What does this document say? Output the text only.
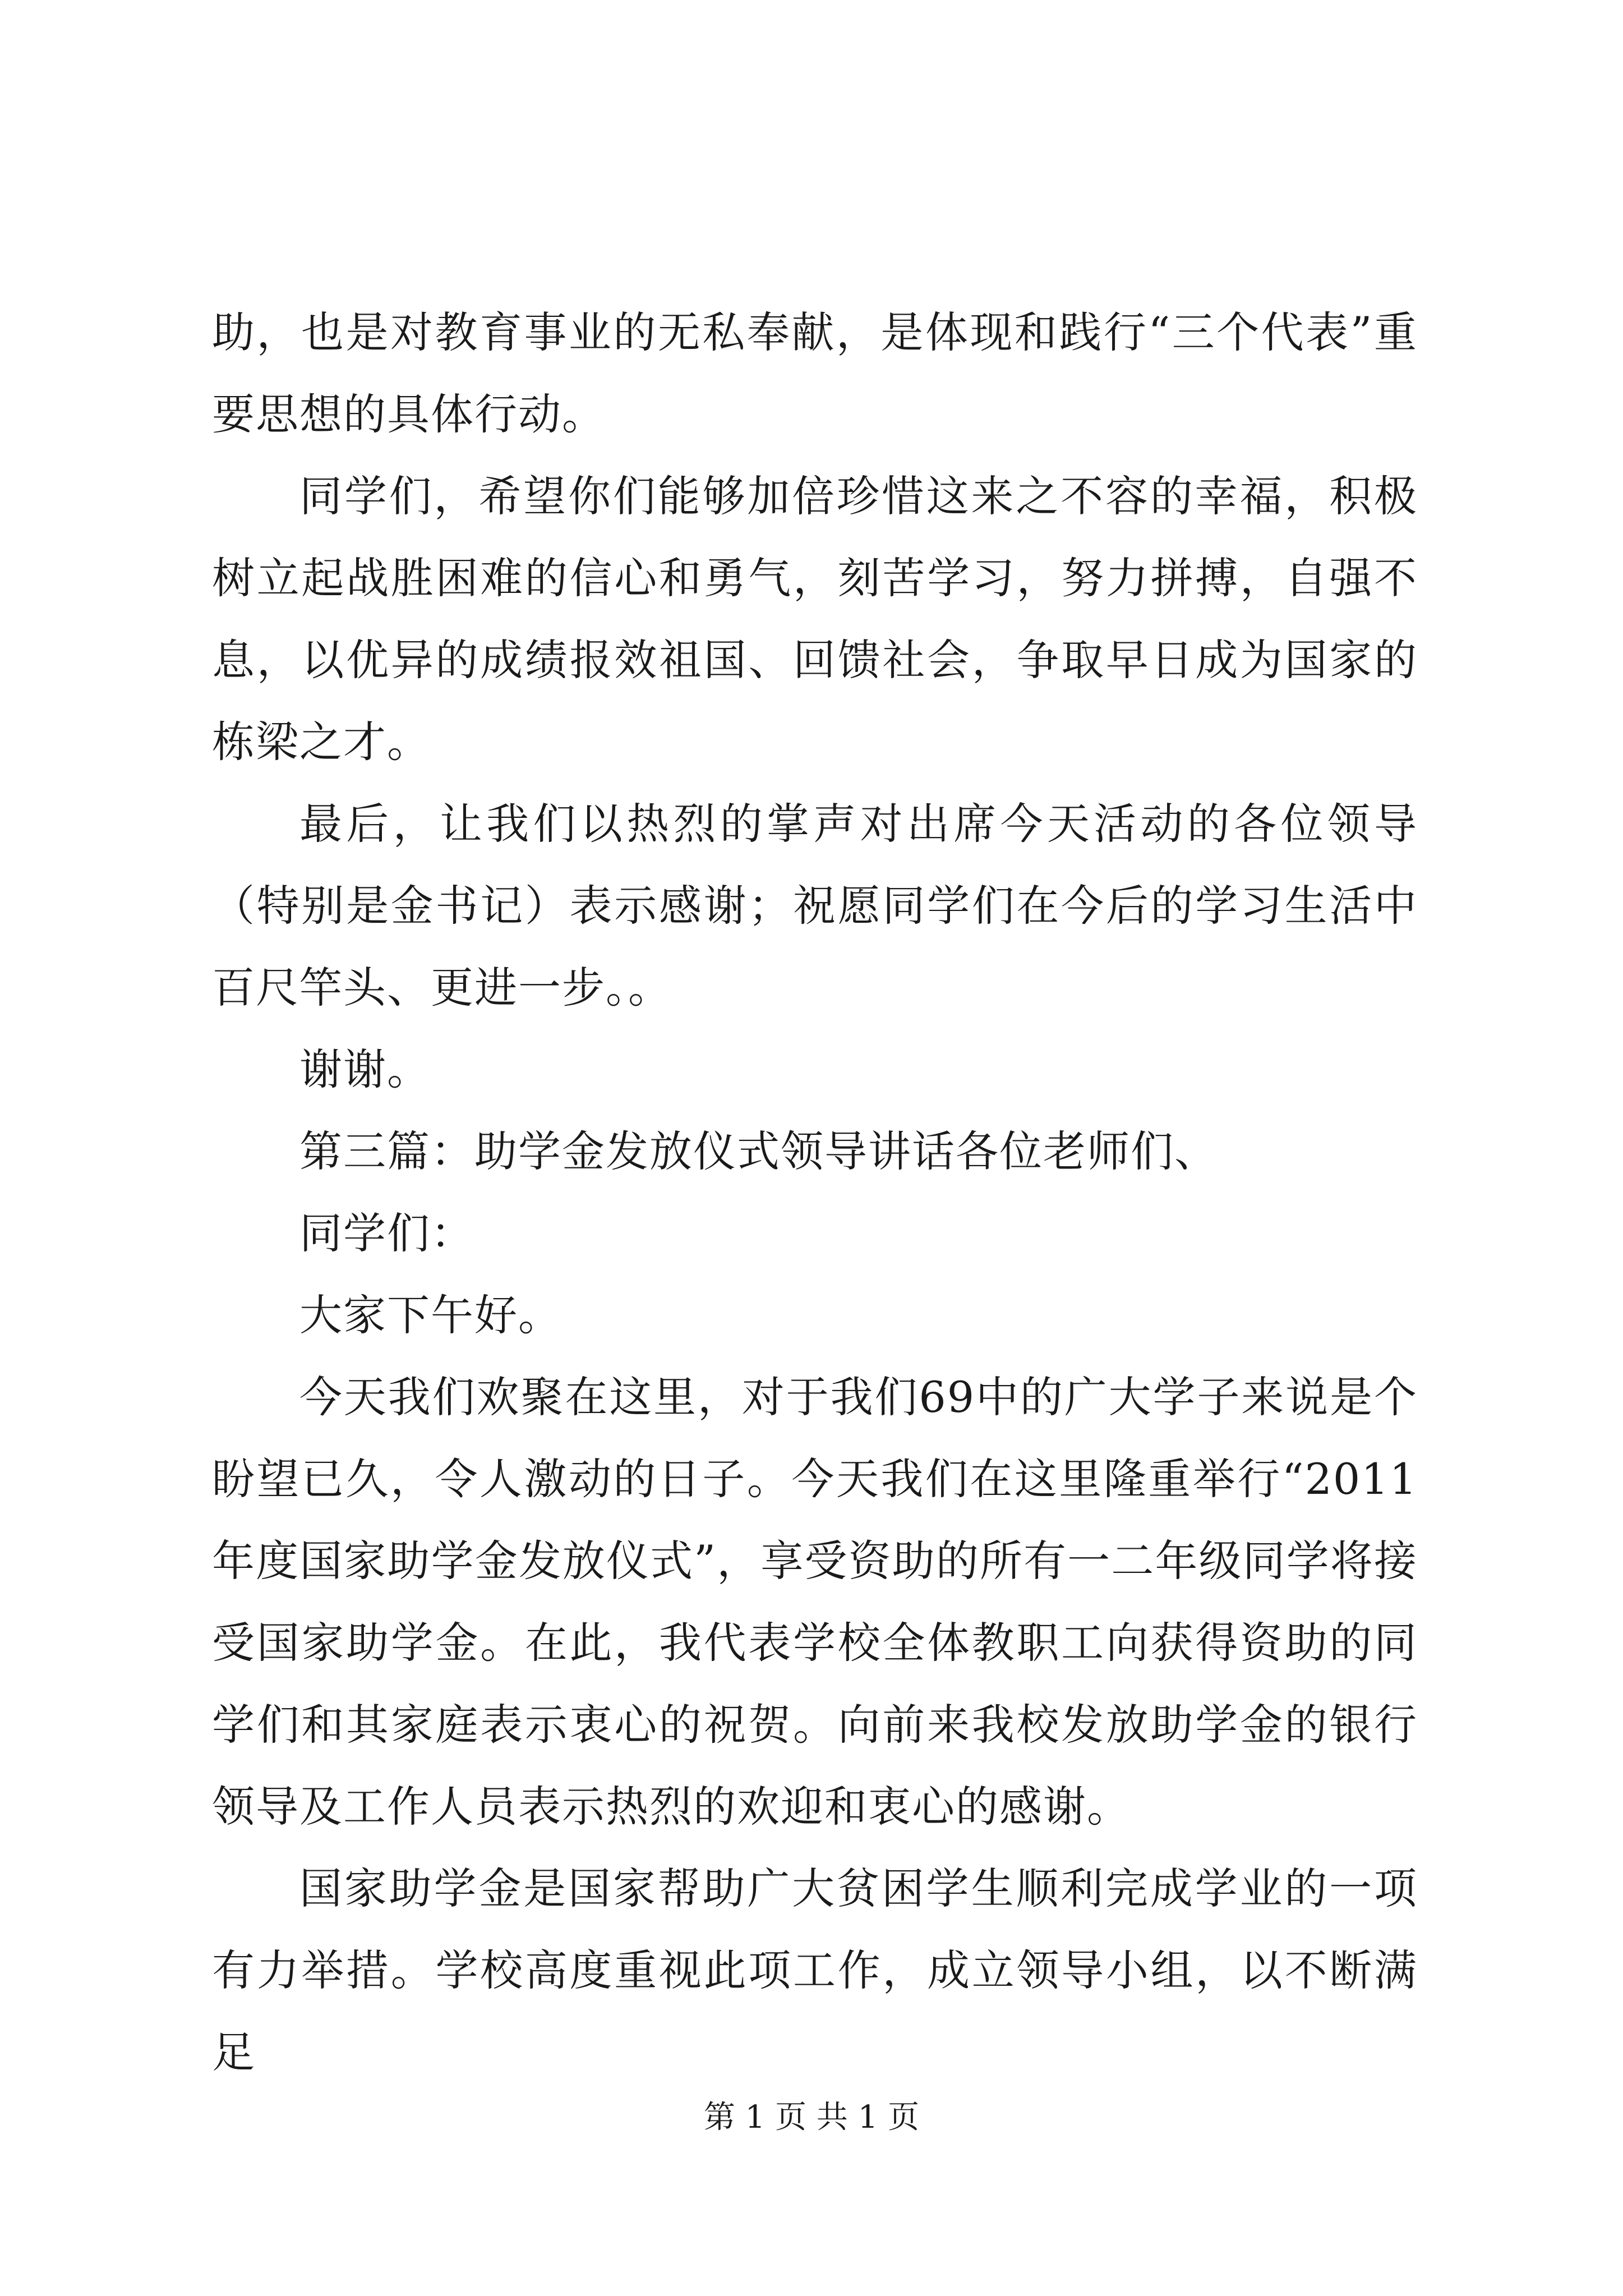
助，也是对教育事业的无私奉献，是体现和践行“三个代表”重要思想的具体行动。

同学们，希望你们能够加倍珍惜这来之不容的幸福，积极树立起战胜困难的信心和勇气，刻苦学习，努力拼搏，自强不息，以优异的成绩报效祖国、回馈社会，争取早日成为国家的栋梁之才。

最后，让我们以热烈的掌声对出席今天活动的各位领导（特别是金书记）表示感谢；祝愿同学们在今后的学习生活中百尺竿头、更进一步。。

谢谢。

第三篇：助学金发放仪式领导讲话各位老师们、

同学们：

大家下午好。

今天我们欢聚在这里，对于我们69中的广大学子来说是个盼望已久，令人激动的日子。今天我们在这里隆重举行“2011年度国家助学金发放仪式”，享受资助的所有一二年级同学将接受国家助学金。在此，我代表学校全体教职工向获得资助的同学们和其家庭表示衷心的祝贺。向前来我校发放助学金的银行领导及工作人员表示热烈的欢迎和衷心的感谢。

国家助学金是国家帮助广大贫困学生顺利完成学业的一项有力举措。学校高度重视此项工作，成立领导小组，以不断满足

第 1 页 共 1 页
